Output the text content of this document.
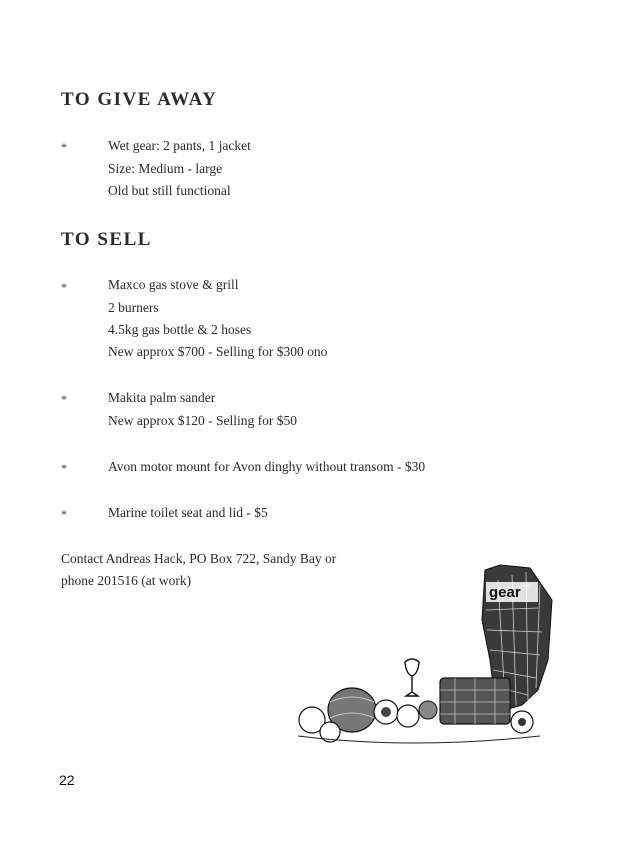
TO GIVE AWAY
*	Wet gear: 2 pants, 1 jacket
Size: Medium - large
Old but still functional
TO SELL
*	Maxco gas stove & grill
2 burners
4.5kg gas bottle & 2 hoses
New approx $700 - Selling for $300 ono
*	Makita palm sander
New approx $120 - Selling for $50
*	Avon motor mount for Avon dinghy without transom - $30
*	Marine toilet seat and lid - $5
Contact Andreas Hack, PO Box 722, Sandy Bay or
phone 201516 (at work)
gear
22
